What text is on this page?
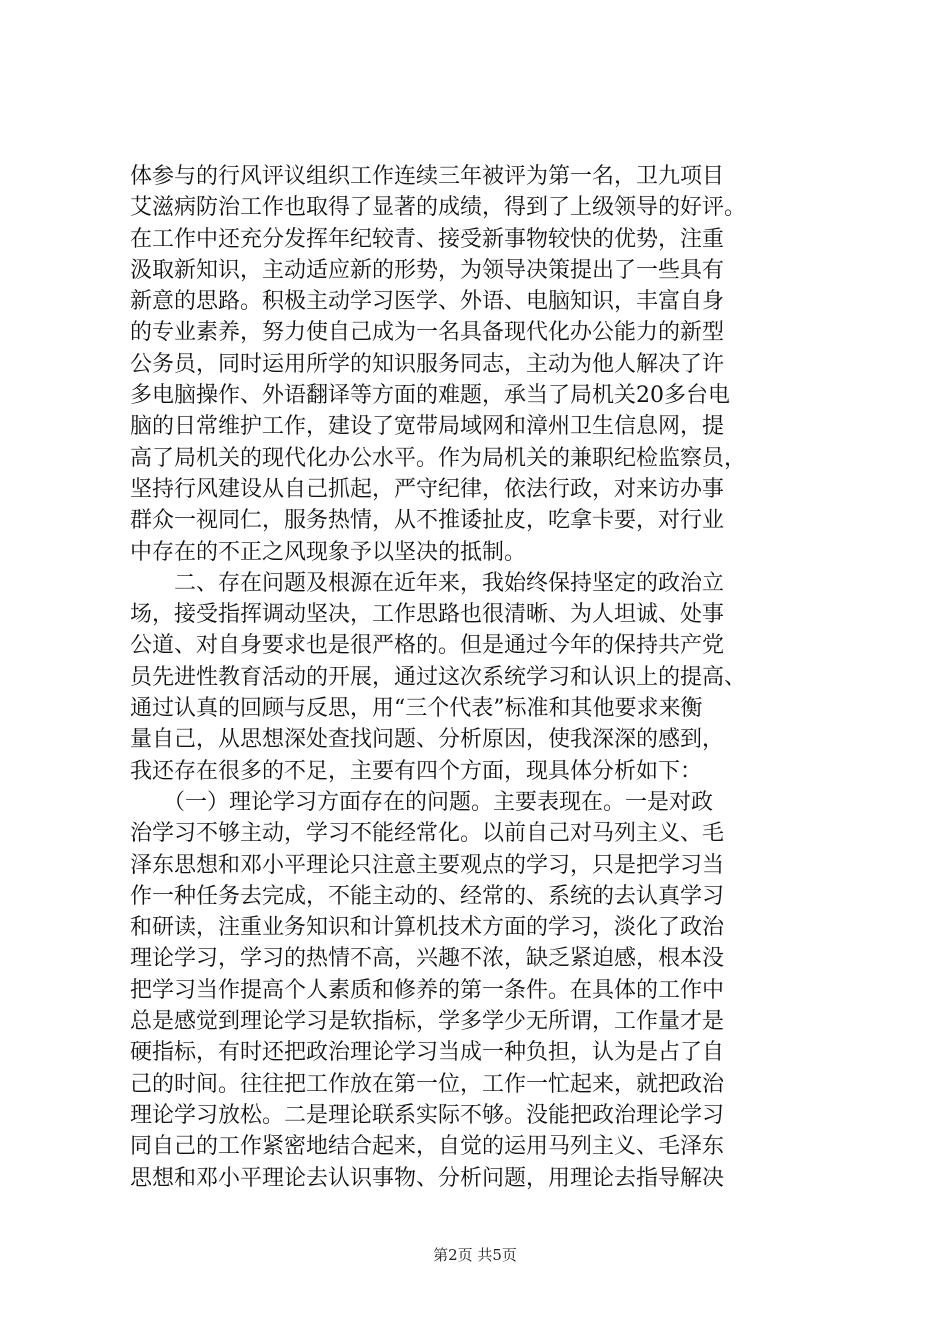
体参与的行风评议组织工作连续三年被评为第一名，卫九项目
艾滋病防治工作也取得了显著的成绩，得到了上级领导的好评。
在工作中还充分发挥年纪较青、接受新事物较快的优势，注重
汲取新知识，主动适应新的形势，为领导决策提出了一些具有
新意的思路。积极主动学习医学、外语、电脑知识，丰富自身
的专业素养，努力使自己成为一名具备现代化办公能力的新型
公务员，同时运用所学的知识服务同志，主动为他人解决了许
多电脑操作、外语翻译等方面的难题，承当了局机关20多台电
脑的日常维护工作，建设了宽带局域网和漳州卫生信息网，提
高了局机关的现代化办公水平。作为局机关的兼职纪检监察员，
坚持行风建设从自己抓起，严守纪律，依法行政，对来访办事
群众一视同仁，服务热情，从不推诿扯皮，吃拿卡要，对行业
中存在的不正之风现象予以坚决的抵制。
　　二、存在问题及根源在近年来，我始终保持坚定的政治立
场，接受指挥调动坚决，工作思路也很清晰、为人坦诚、处事
公道、对自身要求也是很严格的。但是通过今年的保持共产党
员先进性教育活动的开展，通过这次系统学习和认识上的提高、
通过认真的回顾与反思，用“三个代表”标准和其他要求来衡
量自己，从思想深处查找问题、分析原因，使我深深的感到，
我还存在很多的不足，主要有四个方面，现具体分析如下：
　　（一）理论学习方面存在的问题。主要表现在。一是对政
治学习不够主动，学习不能经常化。以前自己对马列主义、毛
泽东思想和邓小平理论只注意主要观点的学习，只是把学习当
作一种任务去完成，不能主动的、经常的、系统的去认真学习
和研读，注重业务知识和计算机技术方面的学习，淡化了政治
理论学习，学习的热情不高，兴趣不浓，缺乏紧迫感，根本没
把学习当作提高个人素质和修养的第一条件。在具体的工作中
总是感觉到理论学习是软指标，学多学少无所谓，工作量才是
硬指标，有时还把政治理论学习当成一种负担，认为是占了自
己的时间。往往把工作放在第一位，工作一忙起来，就把政治
理论学习放松。二是理论联系实际不够。没能把政治理论学习
同自己的工作紧密地结合起来，自觉的运用马列主义、毛泽东
思想和邓小平理论去认识事物、分析问题，用理论去指导解决
第2页 共5页
